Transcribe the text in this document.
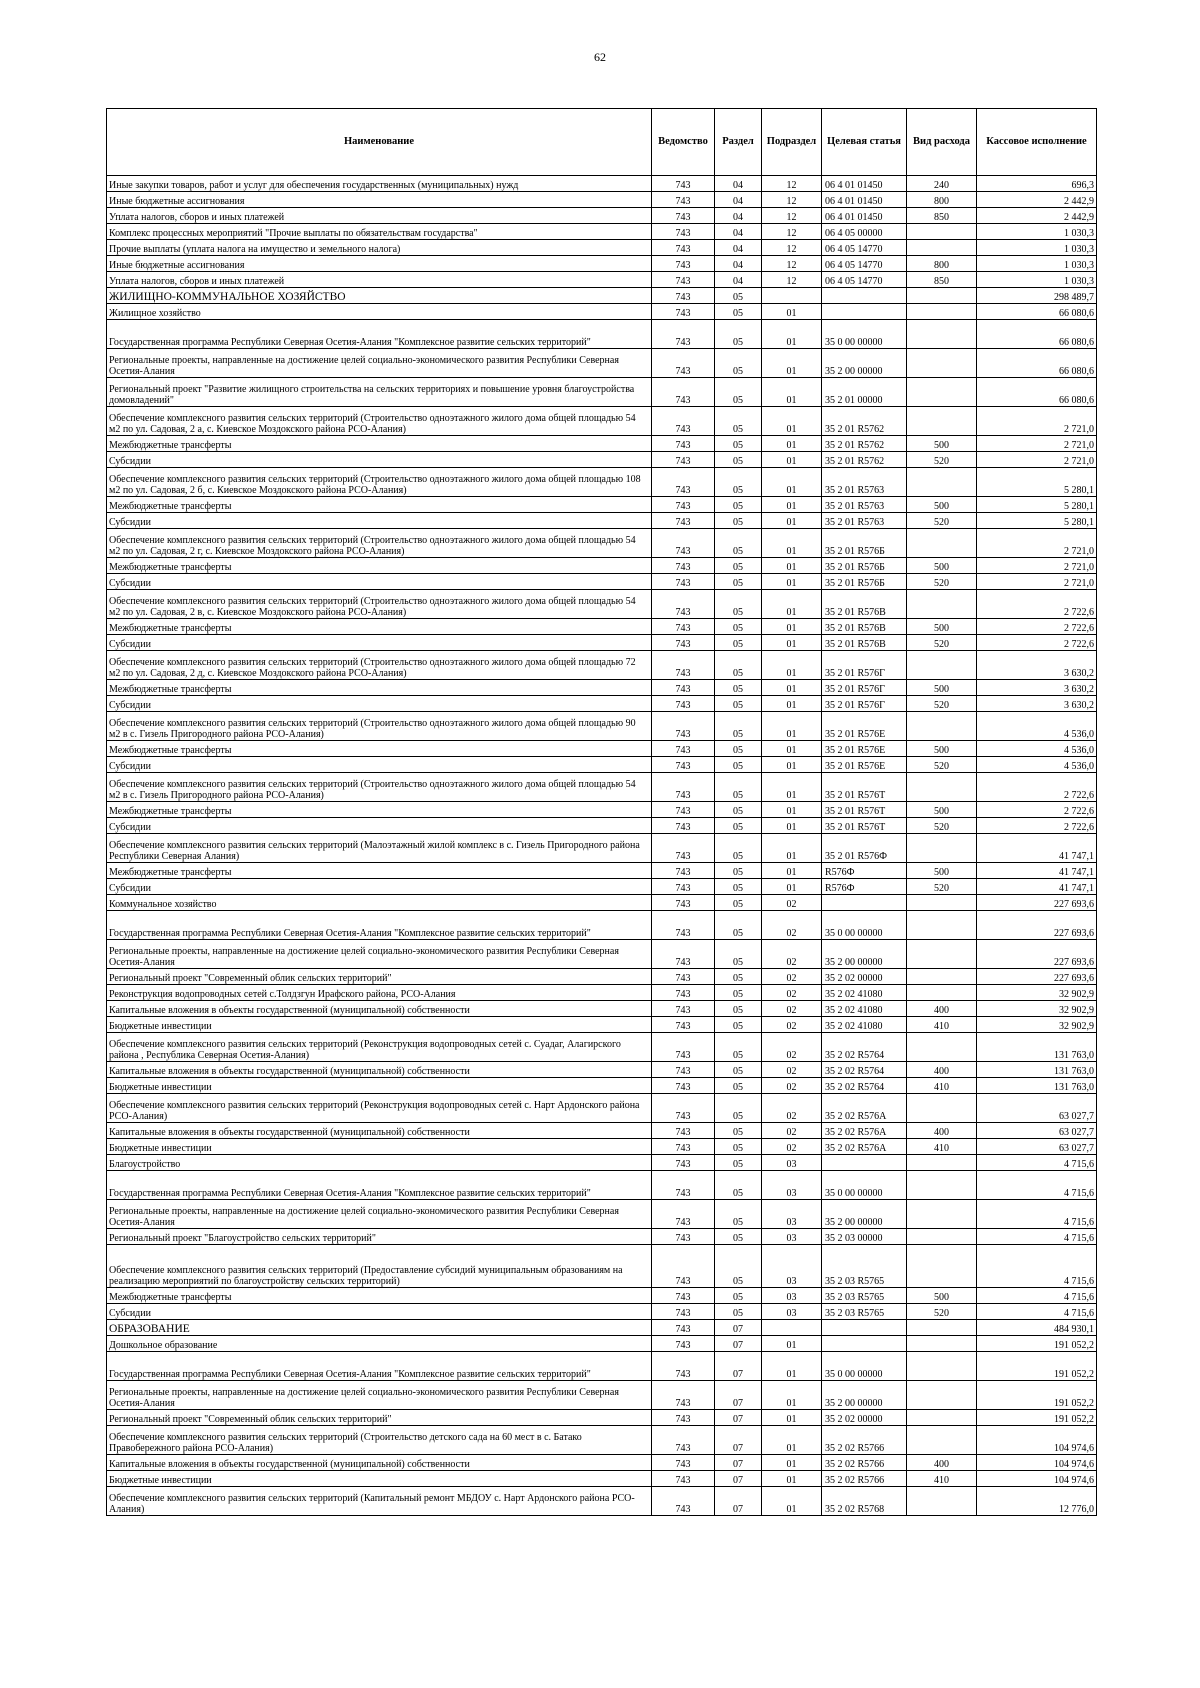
62
Наименование	Ведомство	Раздел	Подраздел	Целевая статья	Вид расхода	Кассовое исполнение
Иные закупки товаров, работ и услуг для обеспечения государственных (муниципальных) нужд	743	04	12	06 4 01 01450	240	696,3
Иные бюджетные ассигнования	743	04	12	06 4 01 01450	800	2 442,9
Уплата налогов, сборов и иных платежей	743	04	12	06 4 01 01450	850	2 442,9
Комплекс процессных мероприятий "Прочие выплаты по обязательствам государства"	743	04	12	06 4 05 00000		1 030,3
Прочие выплаты (уплата налога на имущество и земельного налога)	743	04	12	06 4 05 14770		1 030,3
Иные бюджетные ассигнования	743	04	12	06 4 05 14770	800	1 030,3
Уплата налогов, сборов и иных платежей	743	04	12	06 4 05 14770	850	1 030,3
ЖИЛИЩНО-КОММУНАЛЬНОЕ ХОЗЯЙСТВО	743	05				298 489,7
Жилищное хозяйство	743	05	01			66 080,6
Государственная программа Республики Северная Осетия-Алания "Комплексное развитие сельских территорий"	743	05	01	35 0 00 00000		66 080,6
Региональные проекты, направленные на достижение целей социально-экономического развития Республики Северная Осетия-Алания	743	05	01	35 2 00 00000		66 080,6
Региональный проект "Развитие жилищного строительства на сельских территориях и повышение уровня благоустройства домовладений"	743	05	01	35 2 01 00000		66 080,6
Обеспечение комплексного развития сельских территорий (Строительство одноэтажного жилого дома общей площадью 54 м2 по ул. Садовая, 2 а, с. Киевское Моздокского района РСО-Алания)	743	05	01	35 2 01 R5762		2 721,0
Межбюджетные трансферты	743	05	01	35 2 01 R5762	500	2 721,0
Субсидии	743	05	01	35 2 01 R5762	520	2 721,0
Обеспечение комплексного развития сельских территорий (Строительство одноэтажного жилого дома общей площадью 108 м2 по ул. Садовая, 2 б, с. Киевское Моздокского района РСО-Алания)	743	05	01	35 2 01 R5763		5 280,1
Межбюджетные трансферты	743	05	01	35 2 01 R5763	500	5 280,1
Субсидии	743	05	01	35 2 01 R5763	520	5 280,1
Обеспечение комплексного развития сельских территорий (Строительство одноэтажного жилого дома общей площадью 54 м2 по ул. Садовая, 2 г, с. Киевское Моздокского района РСО-Алания)	743	05	01	35 2 01 R576Б		2 721,0
Межбюджетные трансферты	743	05	01	35 2 01 R576Б	500	2 721,0
Субсидии	743	05	01	35 2 01 R576Б	520	2 721,0
Обеспечение комплексного развития сельских территорий (Строительство одноэтажного жилого дома общей площадью 54 м2 по ул. Садовая, 2 в, с. Киевское Моздокского района РСО-Алания)	743	05	01	35 2 01 R576В		2 722,6
Межбюджетные трансферты	743	05	01	35 2 01 R576В	500	2 722,6
Субсидии	743	05	01	35 2 01 R576В	520	2 722,6
Обеспечение комплексного развития сельских территорий (Строительство одноэтажного жилого дома общей площадью 72 м2 по ул. Садовая, 2 д, с. Киевское Моздокского района РСО-Алания)	743	05	01	35 2 01 R576Г		3 630,2
Межбюджетные трансферты	743	05	01	35 2 01 R576Г	500	3 630,2
Субсидии	743	05	01	35 2 01 R576Г	520	3 630,2
Обеспечение комплексного развития сельских территорий (Строительство одноэтажного жилого дома общей площадью 90 м2 в с. Гизель Пригородного района РСО-Алания)	743	05	01	35 2 01 R576Е		4 536,0
Межбюджетные трансферты	743	05	01	35 2 01 R576Е	500	4 536,0
Субсидии	743	05	01	35 2 01 R576Е	520	4 536,0
Обеспечение комплексного развития сельских территорий (Строительство одноэтажного жилого дома общей площадью 54 м2 в с. Гизель Пригородного района РСО-Алания)	743	05	01	35 2 01 R576Т		2 722,6
Межбюджетные трансферты	743	05	01	35 2 01 R576Т	500	2 722,6
Субсидии	743	05	01	35 2 01 R576Т	520	2 722,6
Обеспечение комплексного развития сельских территорий (Малоэтажный жилой комплекс в с. Гизель Пригородного района Республики Северная Алания)	743	05	01	35 2 01 R576Ф		41 747,1
Межбюджетные трансферты	743	05	01	R576Ф	500	41 747,1
Субсидии	743	05	01	R576Ф	520	41 747,1
Коммунальное хозяйство	743	05	02			227 693,6
Государственная программа Республики Северная Осетия-Алания "Комплексное развитие сельских территорий"	743	05	02	35 0 00 00000		227 693,6
Региональные проекты, направленные на достижение целей социально-экономического развития Республики Северная Осетия-Алания	743	05	02	35 2 00 00000		227 693,6
Региональный проект "Современный облик сельских территорий"	743	05	02	35 2 02 00000		227 693,6
Реконструкция водопроводных сетей с.Толдзгун Ирафского района, РСО-Алания	743	05	02	35 2 02 41080		32 902,9
Капитальные вложения в объекты государственной (муниципальной) собственности	743	05	02	35 2 02 41080	400	32 902,9
Бюджетные инвестиции	743	05	02	35 2 02 41080	410	32 902,9
Обеспечение комплексного развития сельских территорий (Реконструкция водопроводных сетей с. Суадаг, Алагирского района , Республика Северная Осетия-Алания)	743	05	02	35 2 02 R5764		131 763,0
Капитальные вложения в объекты государственной (муниципальной) собственности	743	05	02	35 2 02 R5764	400	131 763,0
Бюджетные инвестиции	743	05	02	35 2 02 R5764	410	131 763,0
Обеспечение комплексного развития сельских территорий (Реконструкция водопроводных сетей с. Нарт Ардонского района РСО-Алания)	743	05	02	35 2 02 R576А		63 027,7
Капитальные вложения в объекты государственной (муниципальной) собственности	743	05	02	35 2 02 R576А	400	63 027,7
Бюджетные инвестиции	743	05	02	35 2 02 R576А	410	63 027,7
Благоустройство	743	05	03			4 715,6
Государственная программа Республики Северная Осетия-Алания "Комплексное развитие сельских территорий"	743	05	03	35 0 00 00000		4 715,6
Региональные проекты, направленные на достижение целей социально-экономического развития Республики Северная Осетия-Алания	743	05	03	35 2 00 00000		4 715,6
Региональный проект "Благоустройство сельских территорий"	743	05	03	35 2 03 00000		4 715,6
Обеспечение комплексного развития сельских территорий (Предоставление субсидий муниципальным образованиям на реализацию мероприятий по благоустройству сельских территорий)	743	05	03	35 2 03 R5765		4 715,6
Межбюджетные трансферты	743	05	03	35 2 03 R5765	500	4 715,6
Субсидии	743	05	03	35 2 03 R5765	520	4 715,6
ОБРАЗОВАНИЕ	743	07				484 930,1
Дошкольное образование	743	07	01			191 052,2
Государственная программа Республики Северная Осетия-Алания "Комплексное развитие сельских территорий"	743	07	01	35 0 00 00000		191 052,2
Региональные проекты, направленные на достижение целей социально-экономического развития Республики Северная Осетия-Алания	743	07	01	35 2 00 00000		191 052,2
Региональный проект "Современный облик сельских территорий"	743	07	01	35 2 02 00000		191 052,2
Обеспечение комплексного развития сельских территорий (Строительство детского сада на 60 мест в с. Батако Правобережного района РСО-Алания)	743	07	01	35 2 02 R5766		104 974,6
Капитальные вложения в объекты государственной (муниципальной) собственности	743	07	01	35 2 02 R5766	400	104 974,6
Бюджетные инвестиции	743	07	01	35 2 02 R5766	410	104 974,6
Обеспечение комплексного развития сельских территорий (Капитальный ремонт МБДОУ с. Нарт Ардонского района РСО-Алания)	743	07	01	35 2 02 R5768		12 776,0
